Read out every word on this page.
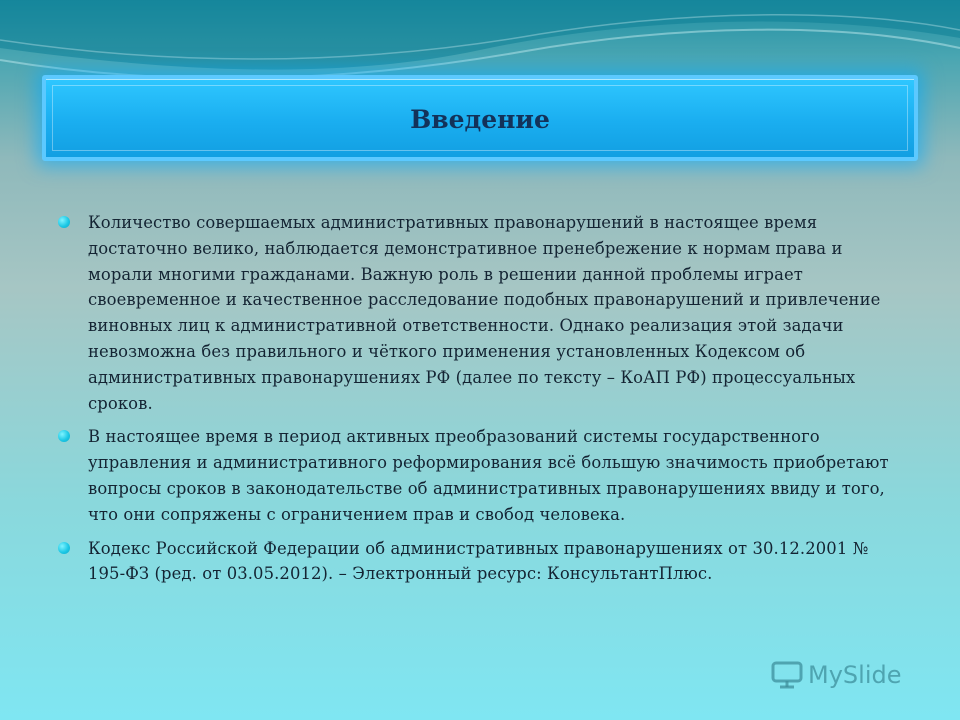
Введение
Количество совершаемых административных правонарушений в настоящее время достаточно велико, наблюдается демонстративное пренебрежение к нормам права и морали многими гражданами. Важную роль в решении данной проблемы играет своевременное и качественное расследование подобных правонарушений и привлечение виновных лиц к административной ответственности. Однако реализация этой задачи невозможна без правильного и чёткого применения установленных Кодексом об административных правонарушениях РФ (далее по тексту – КоАП РФ) процессуальных сроков.
В настоящее время в период активных преобразований системы государственного управления и административного реформирования всё большую значимость приобретают вопросы сроков в законодательстве об административных правонарушениях ввиду и того, что они сопряжены с ограничением прав и свобод человека.
Кодекс Российской Федерации об административных правонарушениях от 30.12.2001 № 195-ФЗ (ред. от 03.05.2012). – Электронный ресурс: КонсультантПлюс.
MySlide
